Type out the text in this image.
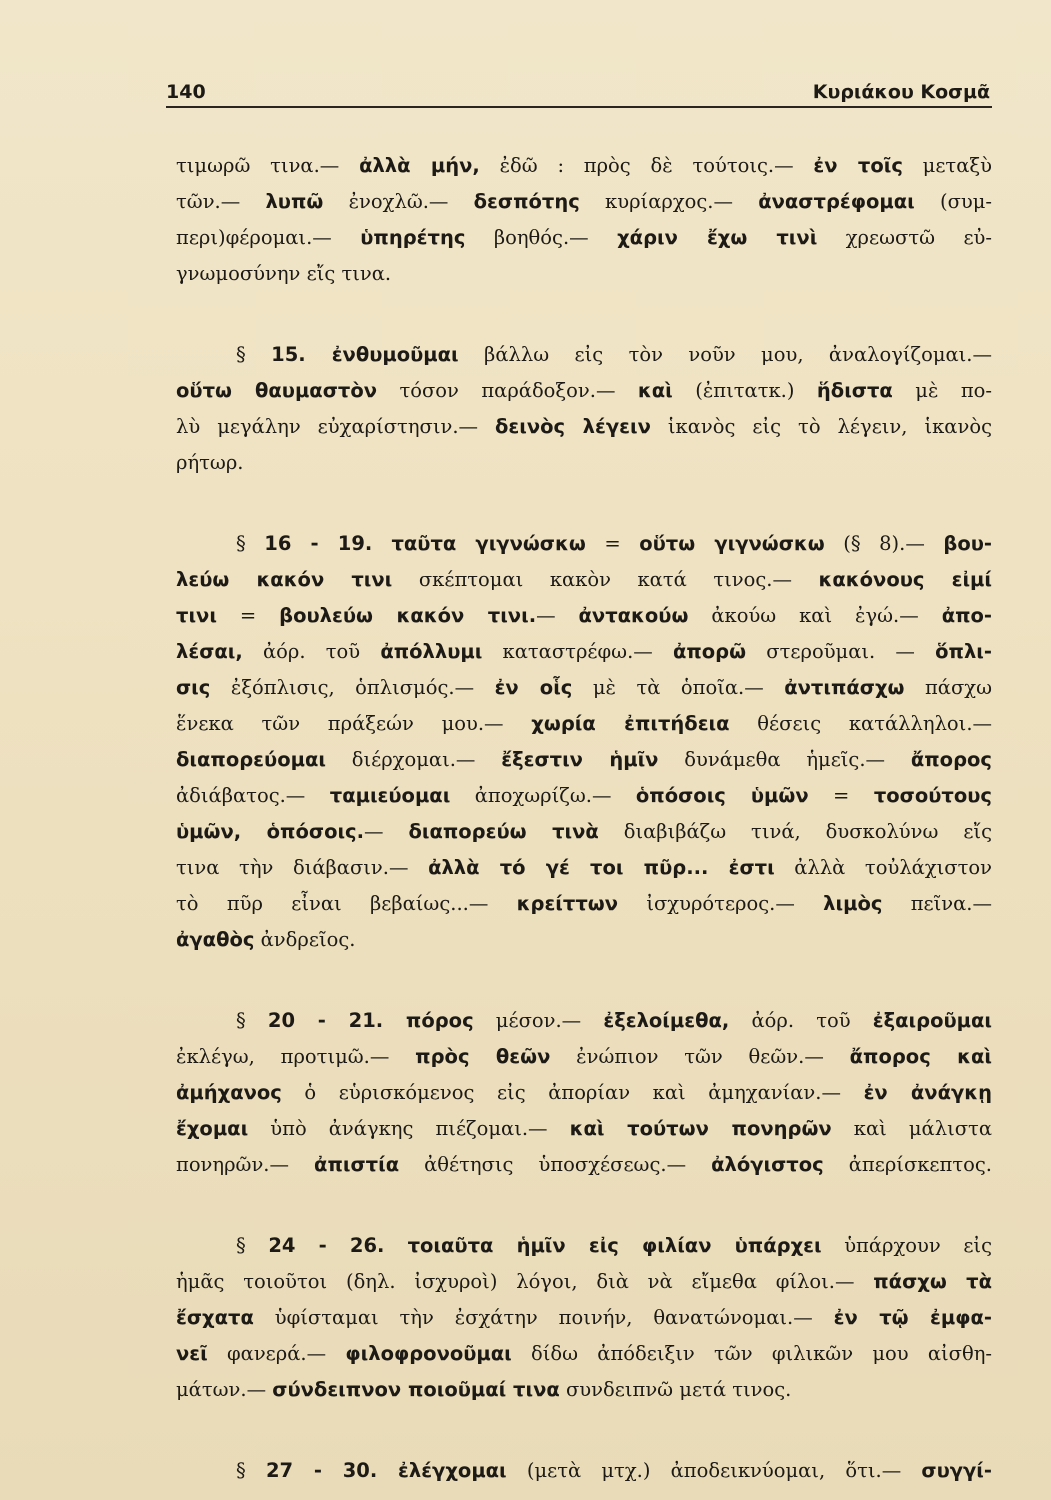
140	Κυριάκου Κοσμᾶ
τιμωρῶ τινα.— ἀλλὰ μήν, ἐδῶ : πρὸς δὲ τούτοις.— ἐν τοῖς μεταξὺ
τῶν.— λυπῶ ἐνοχλῶ.— δεσπότης κυρίαρχος.— ἀναστρέφομαι (συμ-
περι)φέρομαι.— ὑπηρέτης βοηθός.— χάριν ἔχω τινὶ χρεωστῶ εὐ-
γνωμοσύνην εἴς τινα.
§ 15. ἐνθυμοῦμαι βάλλω εἰς τὸν νοῦν μου, ἀναλογίζομαι.—
οὕτω θαυμαστὸν τόσον παράδοξον.— καὶ (ἐπιτατκ.) ἥδιστα μὲ πο-
λὺ μεγάλην εὐχαρίστησιν.— δεινὸς λέγειν ἱκανὸς εἰς τὸ λέγειν, ἱκανὸς
ρήτωρ.
§ 16 - 19. ταῦτα γιγνώσκω = οὕτω γιγνώσκω (§ 8).— βου-
λεύω κακόν τινι σκέπτομαι κακὸν κατά τινος.— κακόνους εἰμί
τινι = βουλεύω κακόν τινι.— ἀντακούω ἀκούω καὶ ἐγώ.— ἀπο-
λέσαι, ἀόρ. τοῦ ἀπόλλυμι καταστρέφω.— ἀπορῶ στεροῦμαι. — ὅπλι-
σις ἐξόπλισις, ὁπλισμός.— ἐν οἷς μὲ τὰ ὁποῖα.— ἀντιπάσχω πάσχω
ἕνεκα τῶν πράξεών μου.— χωρία ἐπιτήδεια θέσεις κατάλληλοι.—
διαπορεύομαι διέρχομαι.— ἔξεστιν ἡμῖν δυνάμεθα ἡμεῖς.— ἄπορος
ἀδιάβατος.— ταμιεύομαι ἀποχωρίζω.— ὁπόσοις ὑμῶν = τοσούτους
ὑμῶν, ὁπόσοις.— διαπορεύω τινὰ διαβιβάζω τινά, δυσκολύνω εἴς
τινα τὴν διάβασιν.— ἀλλὰ τό γέ τοι πῦρ... ἐστι ἀλλὰ τοὐλάχιστον
τὸ πῦρ εἶναι βεβαίως...— κρείττων ἰσχυρότερος.— λιμὸς πεῖνα.—
ἀγαθὸς ἀνδρεῖος.
§ 20 - 21. πόρος μέσον.— ἐξελοίμεθα, ἀόρ. τοῦ ἐξαιροῦμαι
ἐκλέγω, προτιμῶ.— πρὸς θεῶν ἐνώπιον τῶν θεῶν.— ἄπορος καὶ
ἀμήχανος ὁ εὑρισκόμενος εἰς ἀπορίαν καὶ ἀμηχανίαν.— ἐν ἀνάγκῃ
ἔχομαι ὑπὸ ἀνάγκης πιέζομαι.— καὶ τούτων πονηρῶν καὶ μάλιστα
πονηρῶν.— ἀπιστία ἀθέτησις ὑποσχέσεως.— ἀλόγιστος ἀπερίσκεπτος.
§ 24 - 26. τοιαῦτα ἡμῖν εἰς φιλίαν ὑπάρχει ὑπάρχουν εἰς
ἡμᾶς τοιοῦτοι (δηλ. ἰσχυροὶ) λόγοι, διὰ νὰ εἴμεθα φίλοι.— πάσχω τὰ
ἔσχατα ὑφίσταμαι τὴν ἐσχάτην ποινήν, θανατώνομαι.— ἐν τῷ ἐμφα-
νεῖ φανερά.— φιλοφρονοῦμαι δίδω ἀπόδειξιν τῶν φιλικῶν μου αἰσθη-
μάτων.— σύνδειπνον ποιοῦμαί τινα συνδειπνῶ μετά τινος.
§ 27 - 30. ἐλέγχομαι (μετὰ μτχ.) ἀποδεικνύομαι, ὅτι.— συγγί-
